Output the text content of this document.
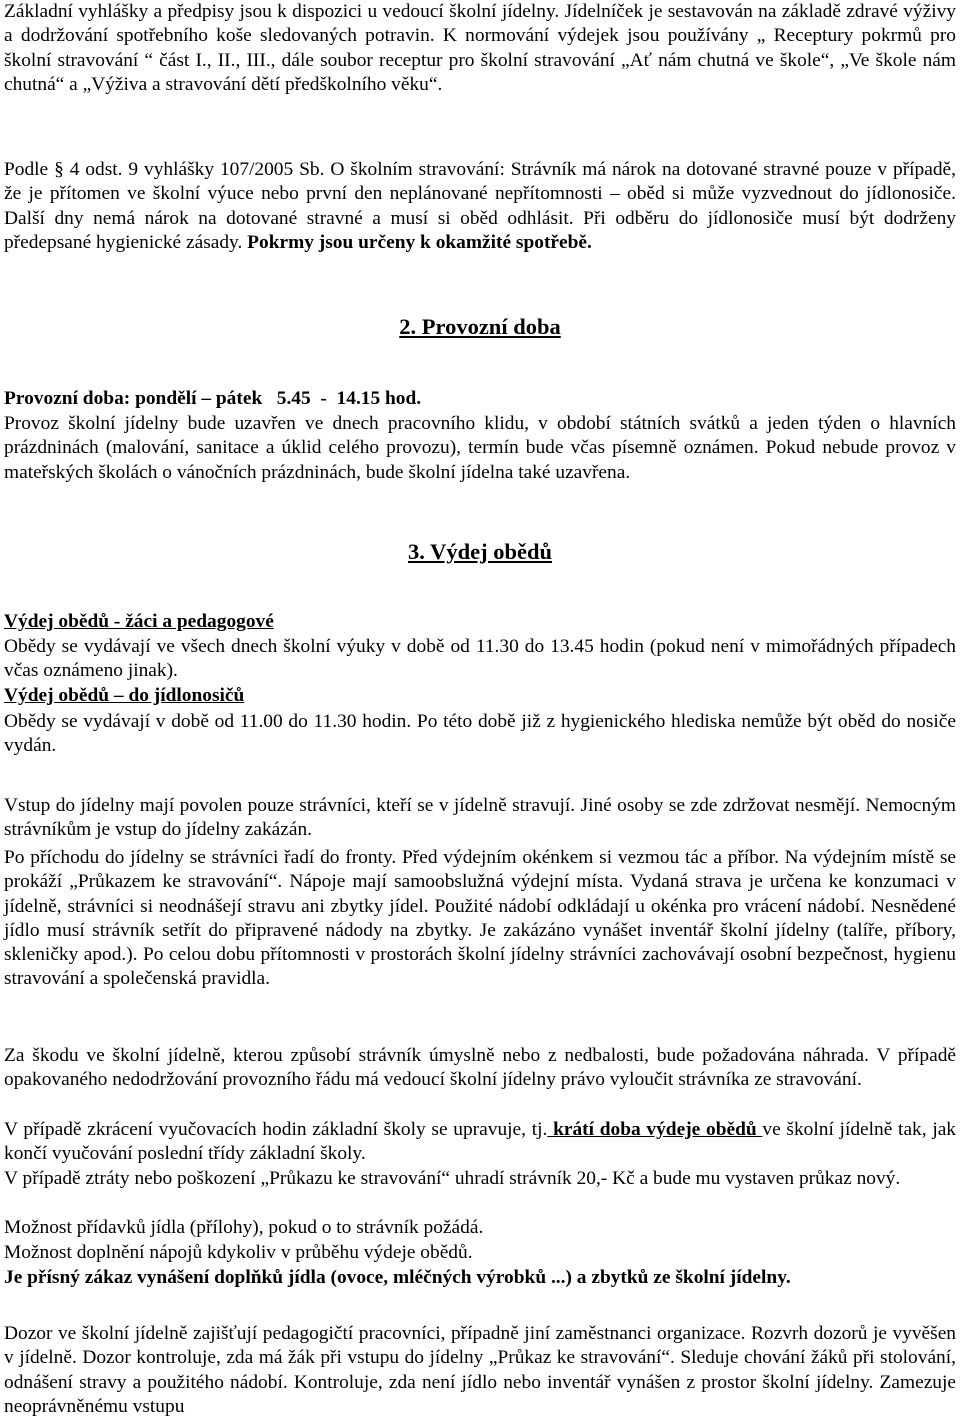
Základní vyhlášky a předpisy jsou k dispozici u vedoucí školní jídelny. Jídelníček je sestavován na základě zdravé výživy a dodržování spotřebního koše sledovaných potravin. K normování výdejek jsou používány „ Receptury pokrmů pro školní stravování “ část I., II., III., dále soubor receptur pro školní stravování „Ať nám chutná ve škole“, „Ve škole nám chutná“ a „Výživa a stravování dětí předškolního věku“.

Podle § 4 odst. 9 vyhlášky 107/2005 Sb. O školním stravování: Strávník má nárok na dotované stravné pouze v případě, že je přítomen ve školní výuce nebo první den neplánované nepřítomnosti – oběd si může vyzvednout do jídlonosiče. Další dny nemá nárok na dotované stravné a musí si oběd odhlásit. Při odběru do jídlonosiče musí být dodrženy předepsané hygienické zásady. Pokrmy jsou určeny k okamžité spotřebě.

2. Provozní doba
Provozní doba: pondělí – pátek   5.45  -  14.15 hod.

Provoz školní jídelny bude uzavřen ve dnech pracovního klidu, v období státních svátků a jeden týden o hlavních prázdninách (malování, sanitace a úklid celého provozu), termín bude včas písemně oznámen. Pokud nebude provoz v mateřských školách o vánočních prázdninách, bude školní jídelna také uzavřena.

3. Výdej obědů
Výdej obědů - žáci a pedagogové

Obědy se vydávají ve všech dnech školní výuky v době od 11.30 do 13.45 hodin (pokud není v mimořádných případech včas oznámeno jinak).

Výdej obědů – do jídlonosičů

Obědy se vydávají v době od 11.00 do 11.30 hodin. Po této době již z hygienického hlediska nemůže být oběd do nosiče vydán.

Vstup do jídelny mají povolen pouze strávníci, kteří se v jídelně stravují. Jiné osoby se zde zdržovat nesmějí. Nemocným strávníkům je vstup do jídelny zakázán.

Po příchodu do jídelny se strávníci řadí do fronty. Před výdejním okénkem si vezmou tác a příbor. Na výdejním místě se prokáží „Průkazem ke stravování“. Nápoje mají samoobslužná výdejní místa. Vydaná strava je určena ke konzumaci v jídelně, strávníci si neodnášejí stravu ani zbytky jídel. Použité nádobí odkládají u okénka pro vrácení nádobí. Nesnědené jídlo musí strávník setřít do připravené nádody na zbytky. Je zakázáno vynášet inventář školní jídelny (talíře, příbory, skleničky apod.). Po celou dobu přítomnosti v prostorách školní jídelny strávníci zachovávají osobní bezpečnost, hygienu stravování a společenská pravidla.

Za škodu ve školní jídelně, kterou způsobí strávník úmyslně nebo z nedbalosti, bude požadována náhrada. V případě opakovaného nedodržování provozního řádu má vedoucí školní jídelny právo vyloučit strávníka ze stravování.

V případě zkrácení vyučovacích hodin základní školy se upravuje, tj. krátí doba výdeje obědů ve školní jídelně tak, jak končí vyučování poslední třídy základní školy.

V případě ztráty nebo poškození „Průkazu ke stravování“ uhradí strávník 20,- Kč a bude mu vystaven průkaz nový.

Možnost přídavků jídla (přílohy), pokud o to strávník požádá.

Možnost doplnění nápojů kdykoliv v průběhu výdeje obědů.

Je přísný zákaz vynášení doplňků jídla (ovoce, mléčných výrobků ...) a zbytků ze školní jídelny.

Dozor ve školní jídelně zajišťují pedagogičtí pracovníci, případně jiní zaměstnanci organizace. Rozvrh dozorů je vyvěšen v jídelně. Dozor kontroluje, zda má žák při vstupu do jídelny „Průkaz ke stravování“. Sleduje chování žáků při stolování, odnášení stravy a použitého nádobí. Kontroluje, zda není jídlo nebo inventář vynášen z prostor školní jídelny. Zamezuje neoprávněnému vstupu
